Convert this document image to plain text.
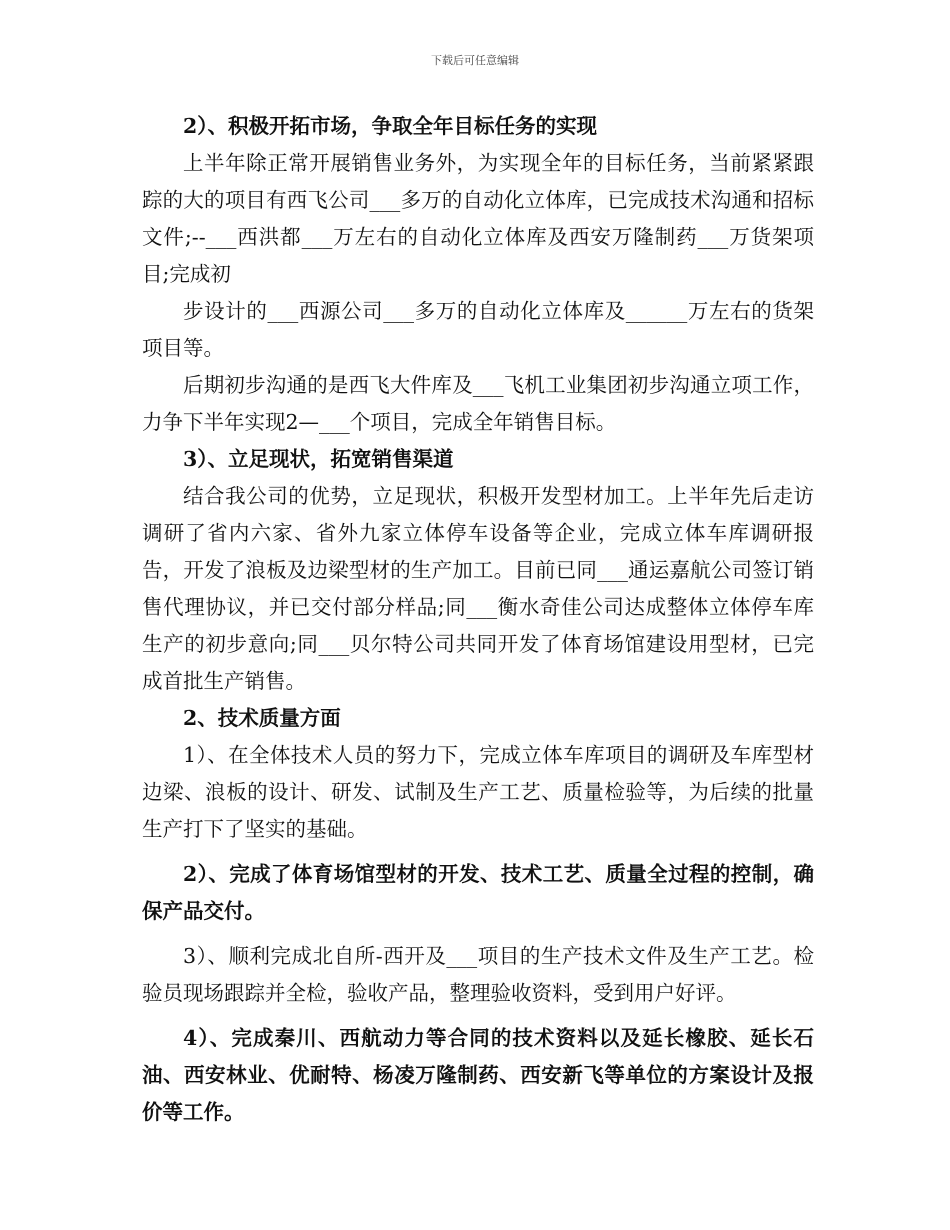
下载后可任意编辑

2）、积极开拓市场，争取全年目标任务的实现

上半年除正常开展销售业务外，为实现全年的目标任务，当前紧紧跟踪的大的项目有西飞公司___多万的自动化立体库，已完成技术沟通和招标文件;--___西洪都___万左右的自动化立体库及西安万隆制药___万货架项目;完成初

步设计的___西源公司___多万的自动化立体库及______万左右的货架项目等。

后期初步沟通的是西飞大件库及___飞机工业集团初步沟通立项工作，力争下半年实现2—___个项目，完成全年销售目标。

3）、立足现状，拓宽销售渠道

结合我公司的优势，立足现状，积极开发型材加工。上半年先后走访调研了省内六家、省外九家立体停车设备等企业，完成立体车库调研报告，开发了浪板及边梁型材的生产加工。目前已同___通运嘉航公司签订销售代理协议，并已交付部分样品;同___衡水奇佳公司达成整体立体停车库生产的初步意向;同___贝尔特公司共同开发了体育场馆建设用型材，已完成首批生产销售。

2、技术质量方面

1）、在全体技术人员的努力下，完成立体车库项目的调研及车库型材边梁、浪板的设计、研发、试制及生产工艺、质量检验等，为后续的批量生产打下了坚实的基础。

2）、完成了体育场馆型材的开发、技术工艺、质量全过程的控制，确保产品交付。

3）、顺利完成北自所-西开及___项目的生产技术文件及生产工艺。检验员现场跟踪并全检，验收产品，整理验收资料，受到用户好评。

4）、完成秦川、西航动力等合同的技术资料以及延长橡胶、延长石油、西安林业、优耐特、杨凌万隆制药、西安新飞等单位的方案设计及报价等工作。
